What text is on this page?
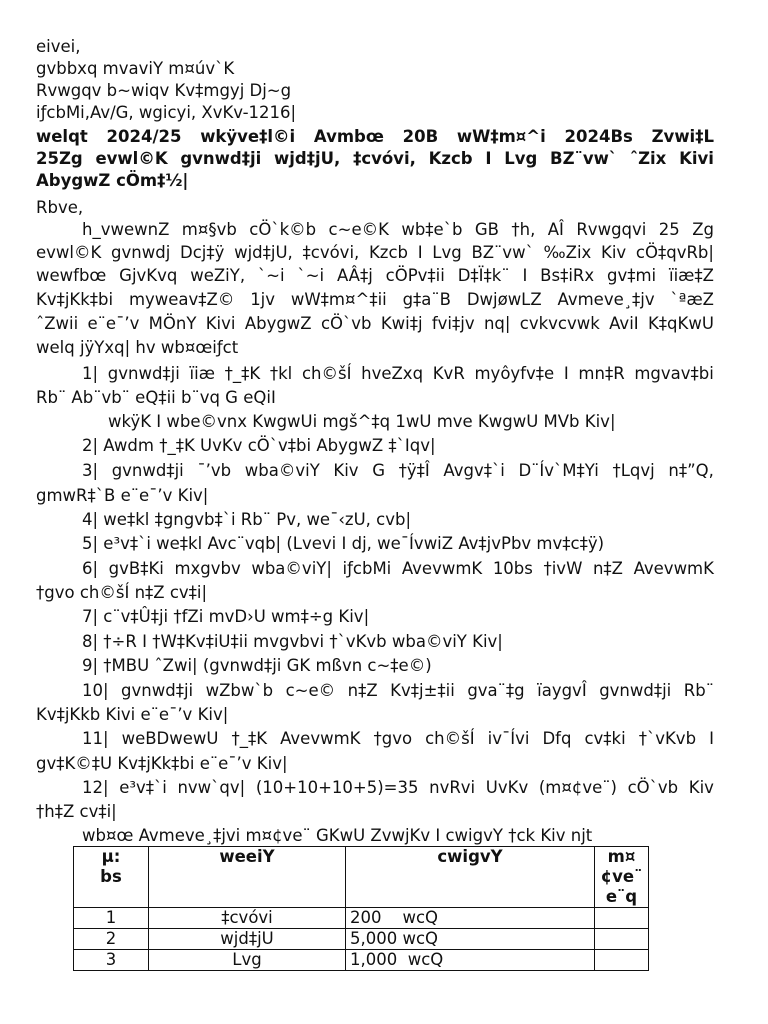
eivei,
gvbbxq mvaviY m¤úv`K
Rvwgqv b~wiqv Kv‡mgyj Dj~g
iƒcbMi,Av/G, wgicyi, XvKv-1216|
welqt 2024/25 wkÿve‡l©i Avmbœ 20B wW‡m¤^i 2024Bs Zvwi‡L
25Zg evwl©K gvnwd‡ji wjd‡jU, ‡cvóvi, Kzcb I Lvg BZ¨vw` ˆZix Kivi
AbygwZ cÖm‡½|
Rbve,
h_vwewnZ m¤§vb cÖ`k©b c~e©K wb‡e`b GB †h, AÎ Rvwgqvi 25 Zg
evwl©K gvnwdj Dcj‡ÿ wjd‡jU, ‡cvóvi, Kzcb I Lvg BZ¨vw` ‰Zix Kiv cÖ‡qvRb|
wewfbœ GjvKvq weZiY, `~i `~i AÂ‡j cÖPv‡ii D‡Ï‡k¨ I Bs‡iRx gv‡mi ïiæ‡Z
Kv‡jKk‡bi myweav‡Z© 1jv wW‡m¤^‡ii g‡a¨B DwjøwLZ Avmeve¸‡jv `ªæZ
ˆZwii e¨e¯’v MÖnY Kivi AbygwZ cÖ`vb Kwi‡j fvi‡jv nq| cvkvcvwk AviI K‡qKwU
welq jÿYxq| hv wb¤œiƒct
1| gvnwd‡ji ïiæ †_‡K †kl ch©šÍ hveZxq KvR myôyfv‡e I mn‡R mgvav‡bi
Rb¨ Ab¨vb¨ eQ‡ii b¨vq G eQiI
wkÿK I wbe©vnx KwgwUi mgš^‡q 1wU mve KwgwU MVb Kiv|
2| Awdm †_‡K UvKv cÖ`v‡bi AbygwZ ‡`Iqv|
3| gvnwd‡ji ¯’vb wba©viY Kiv G †ÿ‡Î Avgv‡`i D¨Ív`M‡Yi †Lqvj n‡”Q,
gmwR‡`B e¨e¯’v Kiv|
4| we‡kl ‡gngvb‡`i Rb¨ Pv, we¯‹zU, cvb|
5| e³v‡`i we‡kl Avc¨vqb| (Lvevi I dj, we¯ÍvwiZ Av‡jvPbv mv‡c‡ÿ)
6| gvB‡Ki mxgvbv wba©viY| iƒcbMi AvevwmK 10bs †ivW n‡Z AvevwmK
†gvo ch©šÍ n‡Z cv‡i|
7| c¨v‡Û‡ji †fZi mvD›U wm‡÷g Kiv|
8| †÷R I †W‡Kv‡iU‡ii mvgvbvi †`vKvb wba©viY Kiv|
9| †MBU ˆZwi| (gvnwd‡ji GK mßvn c~‡e©)
10| gvnwd‡ji wZbw`b c~e© n‡Z Kv‡j±‡ii gva¨‡g ïaygvÎ gvnwd‡ji Rb¨
Kv‡jKkb Kivi e¨e¯’v Kiv|
11| weBDwewU †_‡K AvevwmK †gvo ch©šÍ iv¯Ívi Dfq cv‡ki †`vKvb I
gv‡K©‡U Kv‡jKk‡bi e¨e¯’v Kiv|
12| e³v‡`i nvw`qv| (10+10+10+5)=35 nvRvi UvKv (m¤¢ve¨) cÖ`vb Kiv
†h‡Z cv‡i|
wb¤œ Avmeve¸‡jvi m¤¢ve¨ GKwU ZvwjKv I cwigvY †ck Kiv njt
µ:
bs	weeiY	cwigvY	m¤¢ve¨
e¨q
1	‡cvóvi	200    wcQ	
2	wjd‡jU	5,000 wcQ	
3	Lvg	1,000  wcQ	
